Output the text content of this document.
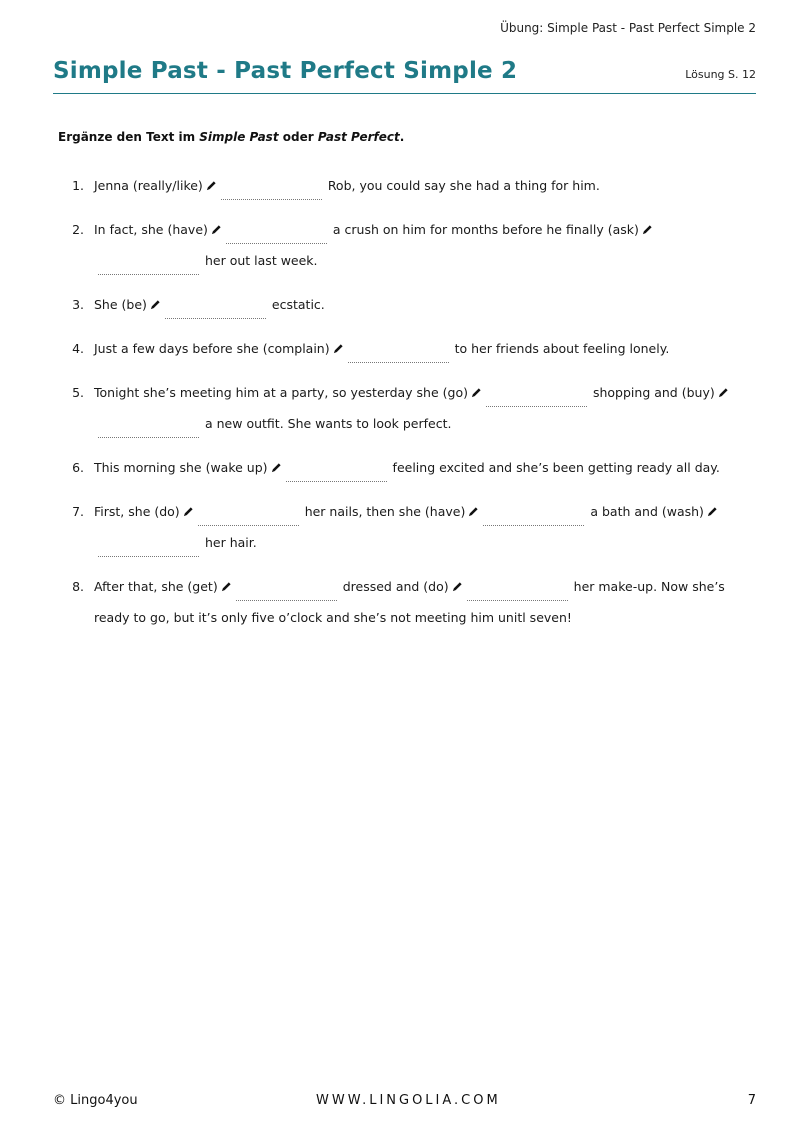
Übung: Simple Past - Past Perfect Simple 2
Simple Past - Past Perfect Simple 2	Lösung S. 12
Ergänze den Text im Simple Past oder Past Perfect.
1. Jenna (really/like)	Rob, you could say she had a thing for him.
2. In fact, she (have)	a crush on him for months before he finally (ask)
her out last week.
3. She (be)	ecstatic.
4. Just a few days before she (complain)	to her friends about feeling lonely.
5. Tonight she’s meeting him at a party, so yesterday she (go)	shopping and (buy)
a new outfit. She wants to look perfect.
6. This morning she (wake up)	feeling excited and she’s been getting ready all day.
7. First, she (do)	her nails, then she (have)	a bath and (wash)
her hair.
8. After that, she (get)	dressed and (do)	her make-up. Now she’s ready to go, but it’s only five o’clock and she’s not meeting him unitl seven!
© Lingo4you	WWW.LINGOLIA.COM	7
